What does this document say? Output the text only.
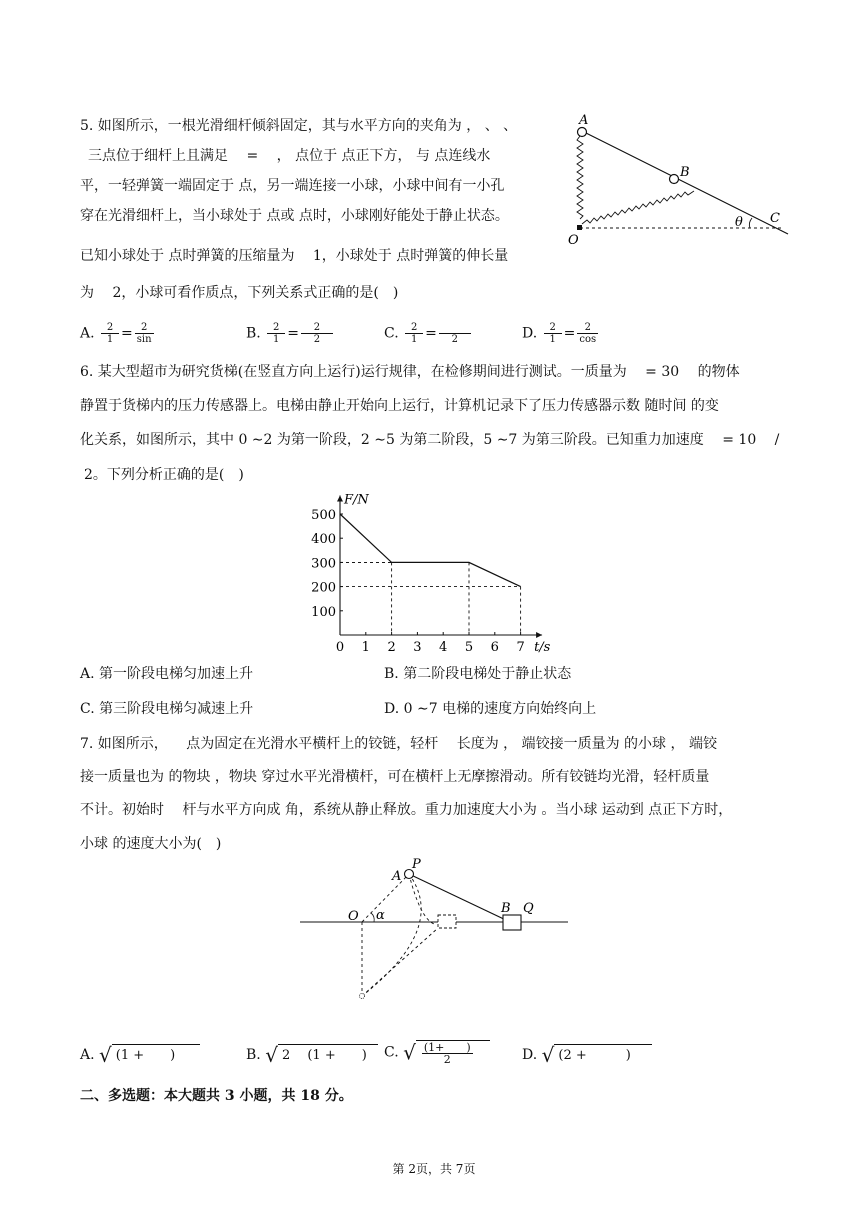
5. 如图所示，一根光滑细杆倾斜固定，其与水平方向的夹角为 ， 、 、
三点位于细杆上且满足 　=　 ， 点位于 点正下方， 与 点连线水
平，一轻弹簧一端固定于 点，另一端连接一小球，小球中间有一小孔
穿在光滑细杆上，当小球处于 点或 点时，小球刚好能处于静止状态。
已知小球处于 点时弹簧的压缩量为 　1，小球处于 点时弹簧的伸长量
为 　2，小球可看作质点，下列关系式正确的是(　)
A
B
C
O
θ
A. $\frac{2}{1} = \frac{2}{\sin}$	B. $\frac{2}{1} = \frac{2}{2}$	C. $\frac{2}{1}$ =
	2	D. $\frac{2}{1} = \frac{2}{\cos}$
6. 某大型超市为研究货梯(在竖直方向上运行)运行规律，在检修期间进行测试。一质量为 　= 30 　的物体
静置于货梯内的压力传感器上。电梯由静止开始向上运行，计算机记录下了压力传感器示数 随时间 的变
化关系，如图所示，其中 0 ∼2 为第一阶段，2 ∼5 为第二阶段，5 ∼7 为第三阶段。已知重力加速度 　= 10 　/
2。下列分析正确的是(　)
0 1 2 3 4 5 6 7
100
200
300
400
500
F/N
t/s
A. 第一阶段电梯匀加速上升	B. 第二阶段电梯处于静止状态
C. 第三阶段电梯匀减速上升	D. 0 ∼7 电梯的速度方向始终向上
7. 如图所示， 　点为固定在光滑水平横杆上的铰链，轻杆 　长度为 ， 端铰接一质量为 的小球 ， 端铰
接一质量也为 的物块 ，物块 穿过水平光滑横杆，可在横杆上无摩擦滑动。所有铰链均光滑，轻杆质量
不计。初始时 　杆与水平方向成 角，系统从静止释放。重力加速度大小为 。当小球 运动到 点正下方时，
小球 的速度大小为(　)
A
P
O α	B Q
A. √ (1 +　　)	B. √ 2 　(1 +　　)	C. √ $\frac{(1+ )}{2}$	D. √ (2 +　　　)
二、多选题：本大题共 3 小题，共 18 分。
第 2页，共 7页
